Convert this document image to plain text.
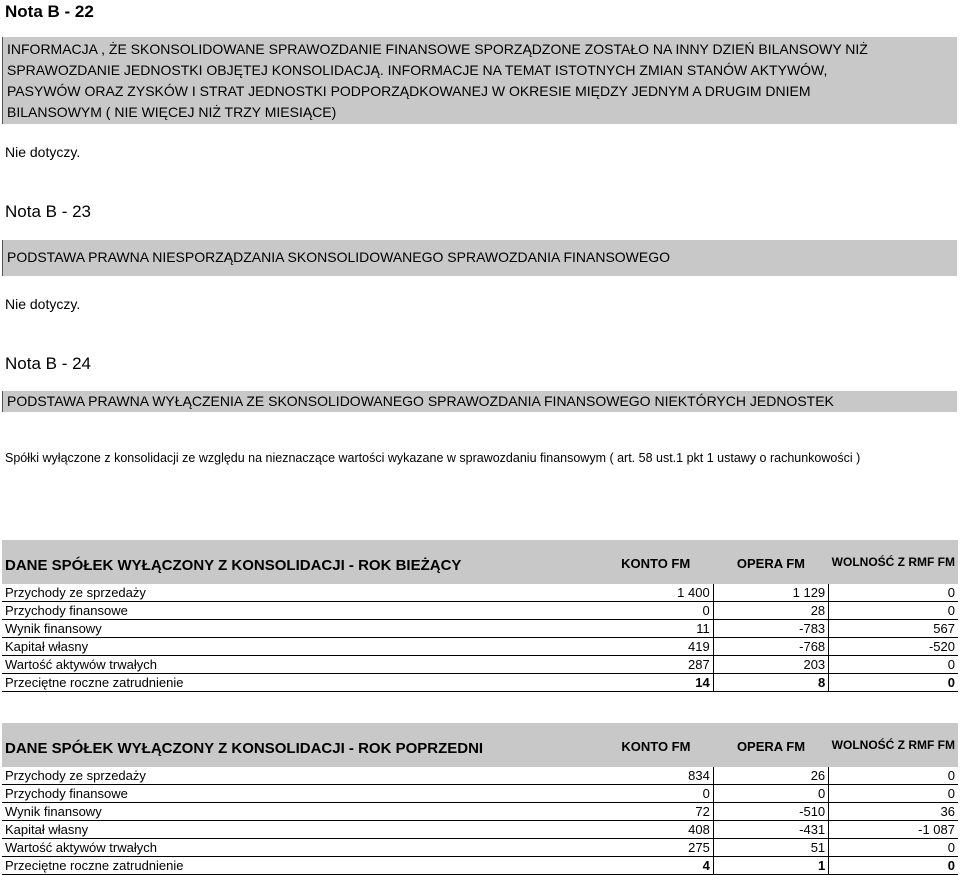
Nota B - 22
INFORMACJA , ŻE SKONSOLIDOWANE SPRAWOZDANIE FINANSOWE SPORZĄDZONE ZOSTAŁO NA INNY DZIEŃ BILANSOWY NIŻ
SPRAWOZDANIE JEDNOSTKI OBJĘTEJ KONSOLIDACJĄ. INFORMACJE NA TEMAT ISTOTNYCH ZMIAN STANÓW AKTYWÓW,
PASYWÓW ORAZ ZYSKÓW I STRAT JEDNOSTKI PODPORZĄDKOWANEJ W OKRESIE MIĘDZY JEDNYM A DRUGIM DNIEM
BILANSOWYM ( NIE WIĘCEJ NIŻ TRZY MIESIĄCE)
Nie dotyczy.
Nota B - 23
PODSTAWA PRAWNA NIESPORZĄDZANIA SKONSOLIDOWANEGO SPRAWOZDANIA FINANSOWEGO
Nie dotyczy.
Nota B - 24
PODSTAWA PRAWNA WYŁĄCZENIA ZE SKONSOLIDOWANEGO SPRAWOZDANIA FINANSOWEGO NIEKTÓRYCH JEDNOSTEK
Spółki wyłączone z konsolidacji ze względu na nieznaczące wartości wykazane w sprawozdaniu finansowym ( art. 58 ust.1 pkt 1 ustawy o rachunkowości )
DANE SPÓŁEK WYŁĄCZONY Z KONSOLIDACJI - ROK BIEŻĄCY	KONTO FM	OPERA FM	WOLNOŚĆ Z RMF FM
Przychody ze sprzedaży	1 400	1 129	0
Przychody finansowe	0	28	0
Wynik finansowy	11	-783	567
Kapitał własny	419	-768	-520
Wartość aktywów trwałych	287	203	0
Przeciętne roczne zatrudnienie	14	8	0
DANE SPÓŁEK WYŁĄCZONY Z KONSOLIDACJI - ROK POPRZEDNI	KONTO FM	OPERA FM	WOLNOŚĆ Z RMF FM
Przychody ze sprzedaży	834	26	0
Przychody finansowe	0	0	0
Wynik finansowy	72	-510	36
Kapitał własny	408	-431	-1 087
Wartość aktywów trwałych	275	51	0
Przeciętne roczne zatrudnienie	4	1	0
